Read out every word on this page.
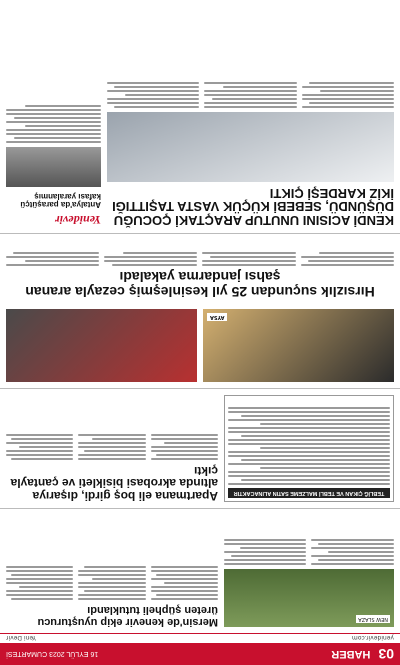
03
HABER
16 EYLÜL 2023 CUMARTESİ
yenidevir.com
Yeni Devir
NEW SLAZA
Mersin'de kenevir ekip uyuşturucu üreten şüpheli tutuklandı
TEBLİĞ ÇIKAN VE TEBLİ MALZEME SATIN ALINACAKTIR
Apartmana eli boş girdi, dışarıya altında akrobasi bisikleti ve çantayla çıktı
AYSA
Hırsızlık suçundan 25 yıl kesinleşmiş cezayla aranan şahsı jandarma yakaladı
KENDİ ACISINI UNUTUP ARAÇTAKİ ÇOCUĞU DÜŞÜNDÜ, SEBEBİ KÜÇÜK VASTA TAŞITTIĞI İKİZ KARDEŞİ ÇIKTI
Yenidevir
Antalya'da paraşütçü kafası yaralanmış
